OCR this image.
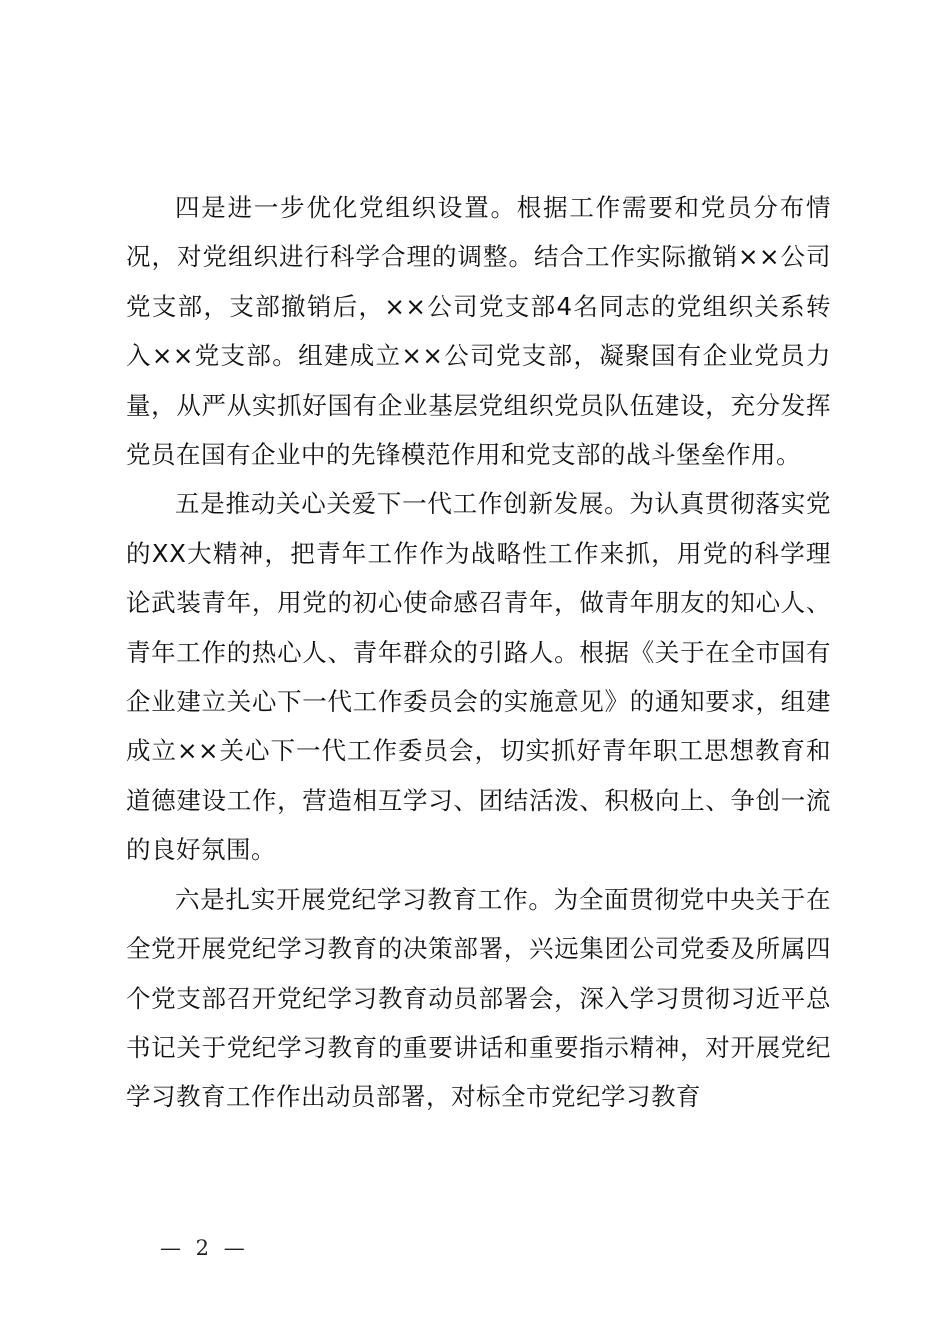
四是进一步优化党组织设置。根据工作需要和党员分布情况，对党组织进行科学合理的调整。结合工作实际撤销××公司党支部，支部撤销后，××公司党支部4名同志的党组织关系转入××党支部。组建成立××公司党支部，凝聚国有企业党员力量，从严从实抓好国有企业基层党组织党员队伍建设，充分发挥党员在国有企业中的先锋模范作用和党支部的战斗堡垒作用。

五是推动关心关爱下一代工作创新发展。为认真贯彻落实党的XX大精神，把青年工作作为战略性工作来抓，用党的科学理论武装青年，用党的初心使命感召青年，做青年朋友的知心人、青年工作的热心人、青年群众的引路人。根据《关于在全市国有企业建立关心下一代工作委员会的实施意见》的通知要求，组建成立××关心下一代工作委员会，切实抓好青年职工思想教育和道德建设工作，营造相互学习、团结活泼、积极向上、争创一流的良好氛围。

六是扎实开展党纪学习教育工作。为全面贯彻党中央关于在全党开展党纪学习教育的决策部署，兴远集团公司党委及所属四个党支部召开党纪学习教育动员部署会，深入学习贯彻习近平总书记关于党纪学习教育的重要讲话和重要指示精神，对开展党纪学习教育工作作出动员部署，对标全市党纪学习教育

— 2 —
